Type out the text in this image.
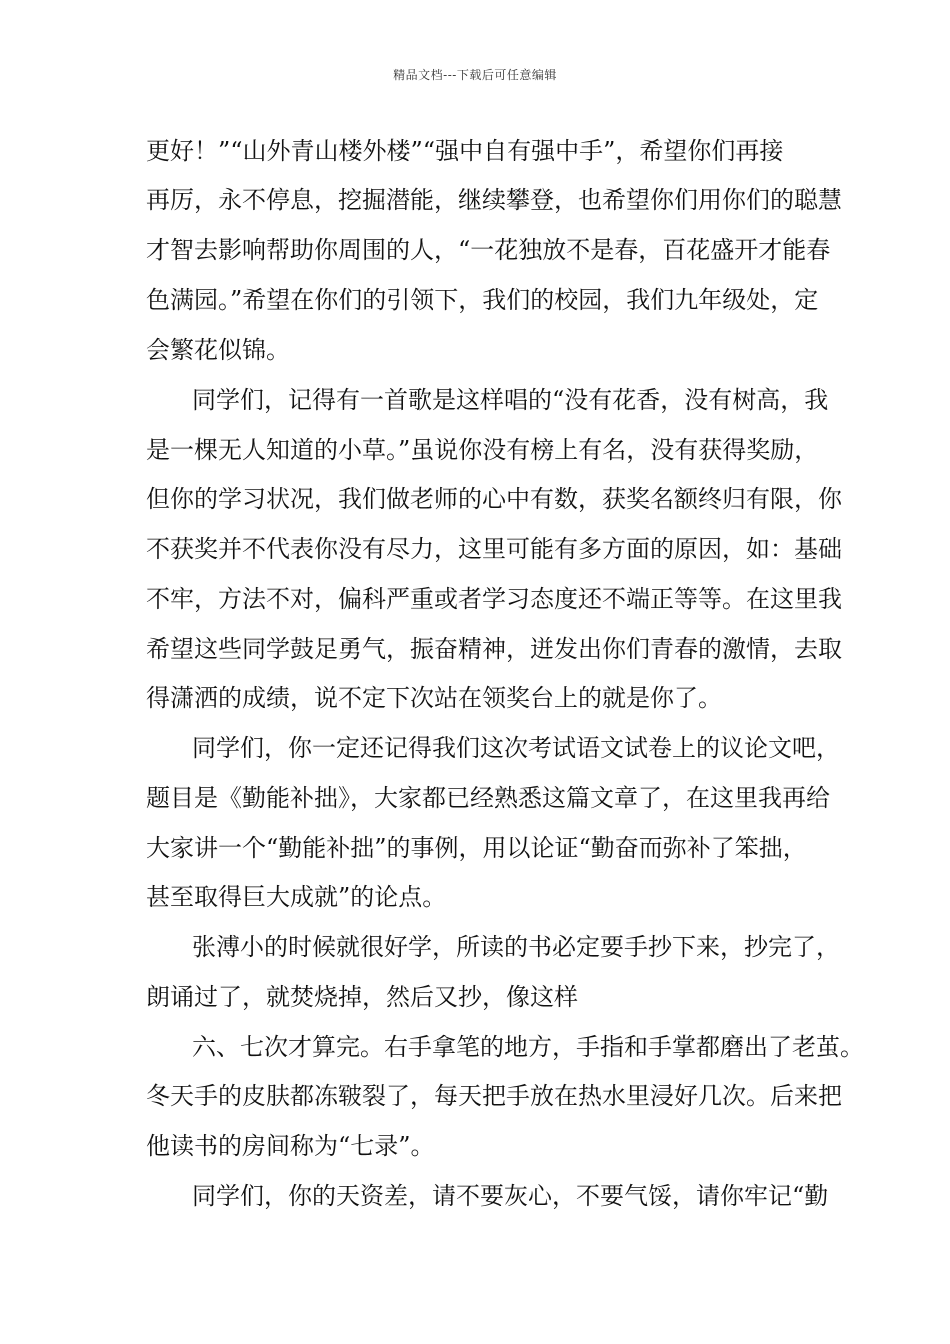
精品文档---下载后可任意编辑
更好！”“山外青山楼外楼”“强中自有强中手”，希望你们再接
再厉，永不停息，挖掘潜能，继续攀登，也希望你们用你们的聪慧
才智去影响帮助你周围的人，“一花独放不是春，百花盛开才能春
色满园。”希望在你们的引领下，我们的校园，我们九年级处，定
会繁花似锦。
同学们，记得有一首歌是这样唱的“没有花香，没有树高，我
是一棵无人知道的小草。”虽说你没有榜上有名，没有获得奖励，
但你的学习状况，我们做老师的心中有数，获奖名额终归有限，你
不获奖并不代表你没有尽力，这里可能有多方面的原因，如：基础
不牢，方法不对，偏科严重或者学习态度还不端正等等。在这里我
希望这些同学鼓足勇气，振奋精神，迸发出你们青春的激情，去取
得潇洒的成绩，说不定下次站在领奖台上的就是你了。
同学们，你一定还记得我们这次考试语文试卷上的议论文吧，
题目是《勤能补拙》，大家都已经熟悉这篇文章了，在这里我再给
大家讲一个“勤能补拙”的事例，用以论证“勤奋而弥补了笨拙，
甚至取得巨大成就”的论点。
张溥小的时候就很好学，所读的书必定要手抄下来，抄完了，
朗诵过了，就焚烧掉，然后又抄，像这样
六、七次才算完。右手拿笔的地方，手指和手掌都磨出了老茧。
冬天手的皮肤都冻皲裂了，每天把手放在热水里浸好几次。后来把
他读书的房间称为“七录”。
同学们，你的天资差，请不要灰心，不要气馁，请你牢记“勤
